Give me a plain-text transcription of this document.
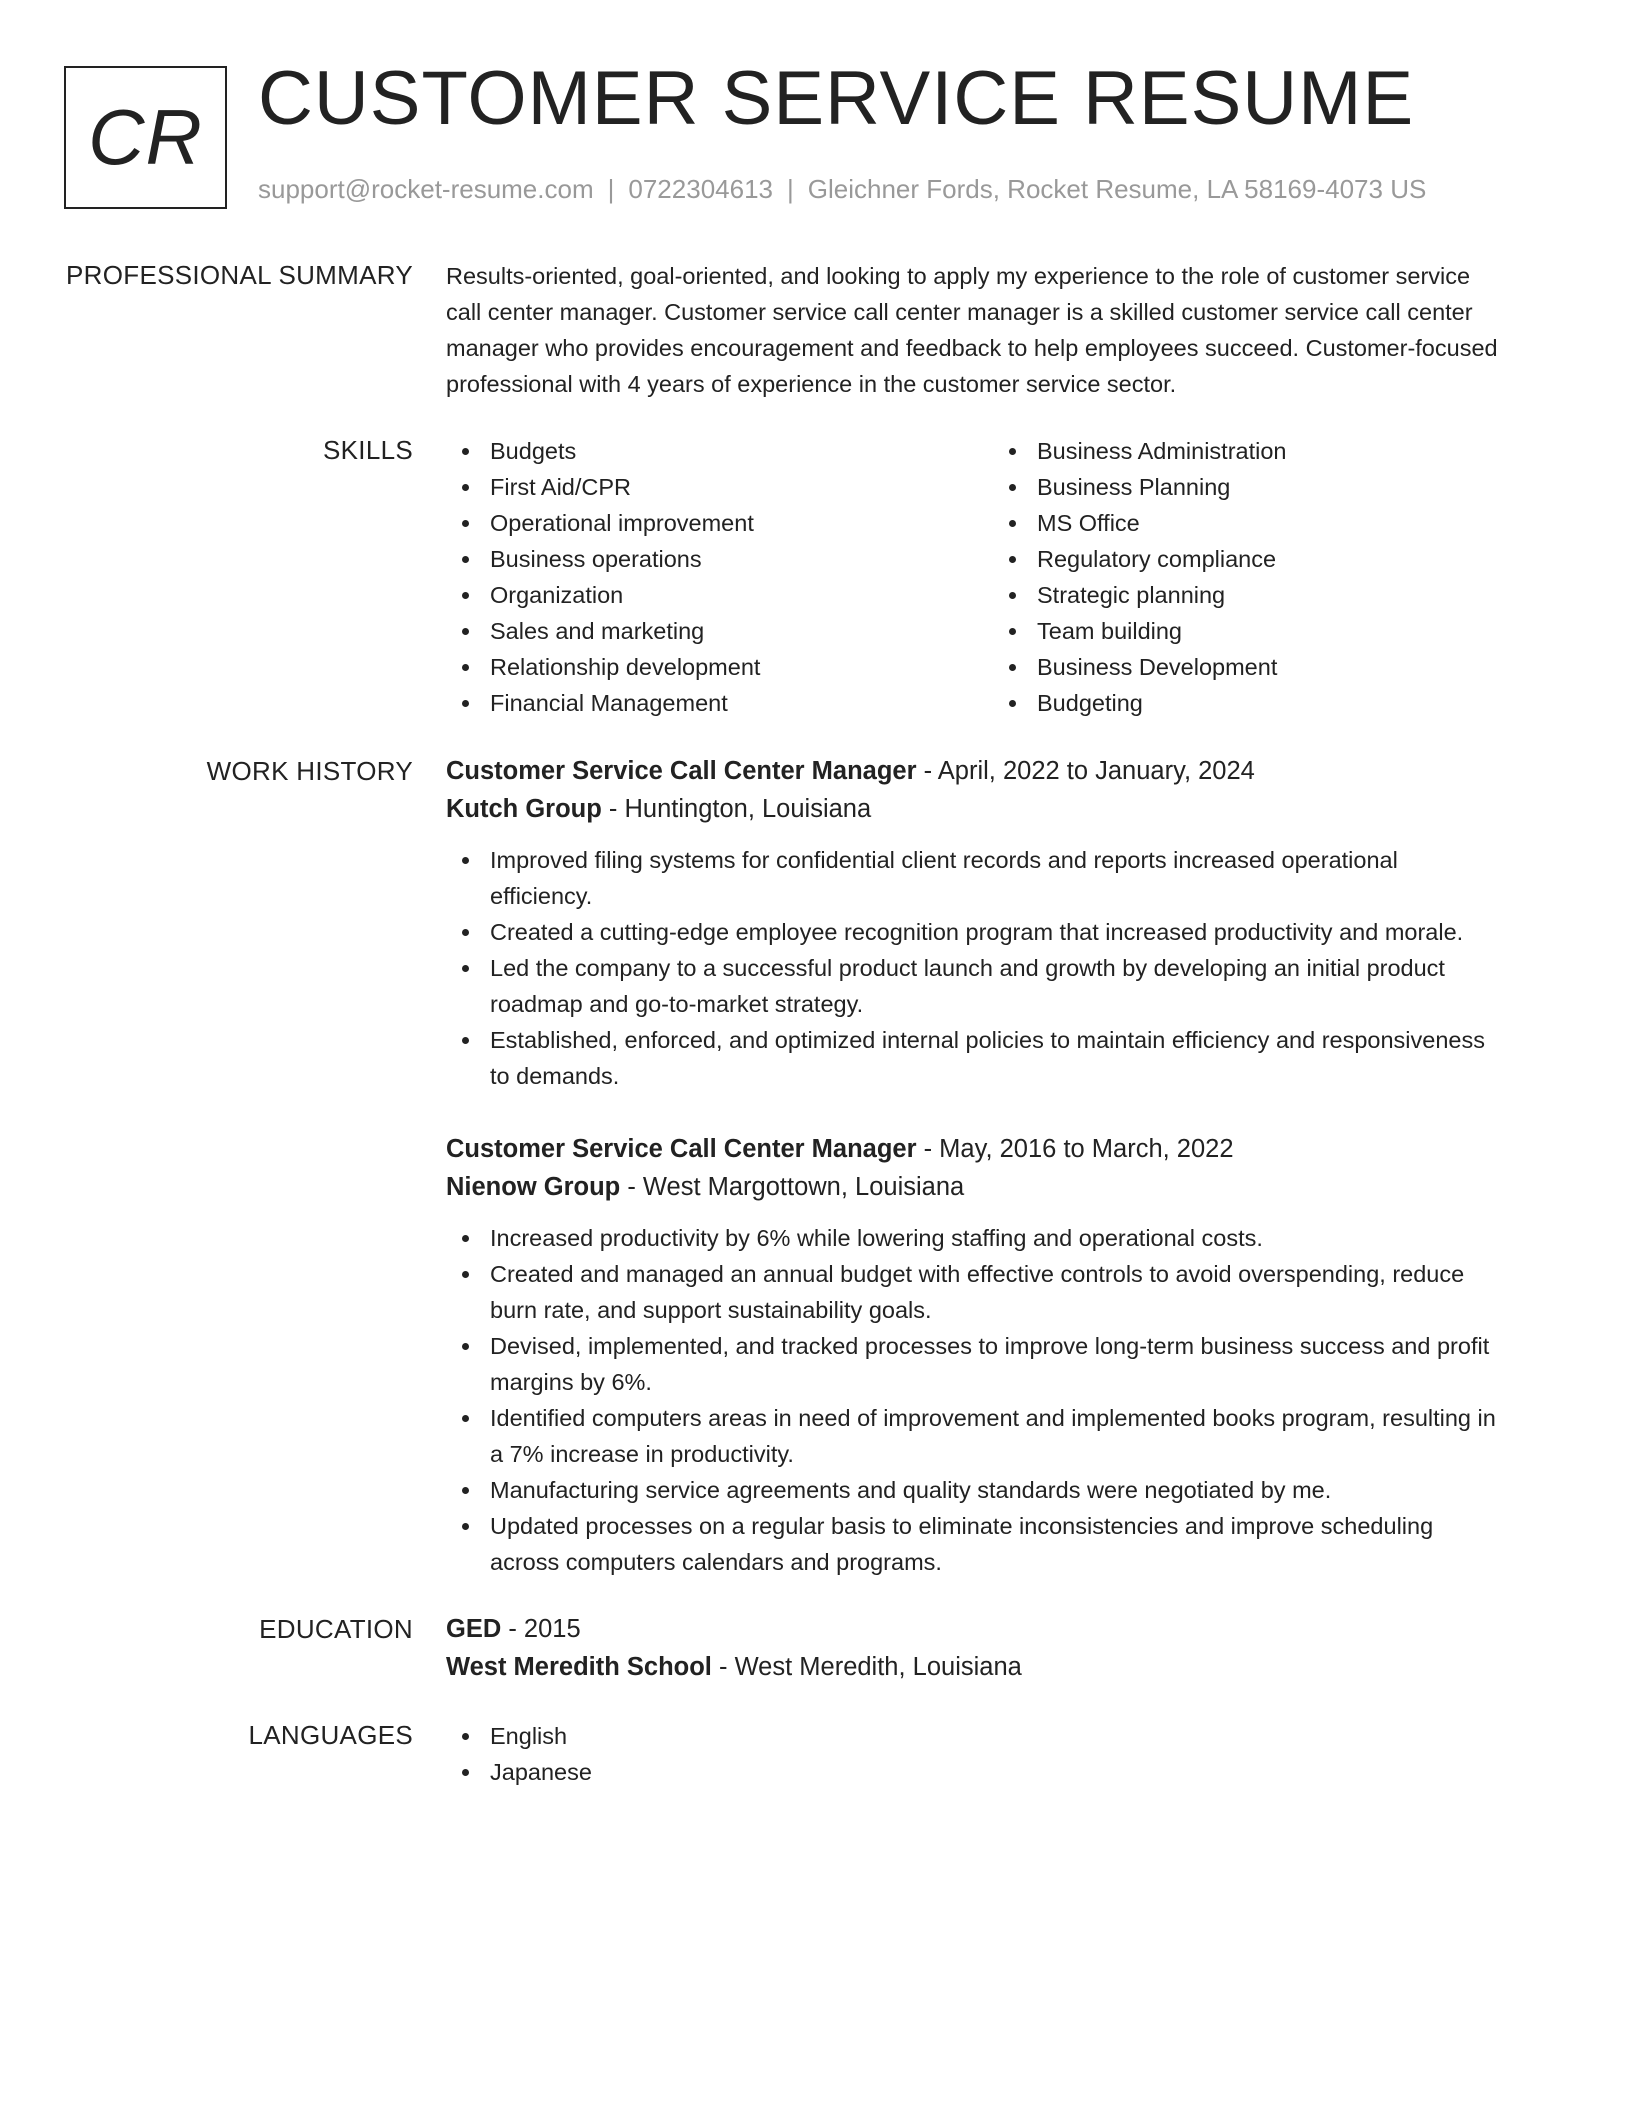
CR CUSTOMER SERVICE RESUME
support@rocket-resume.com | 0722304613 | Gleichner Fords, Rocket Resume, LA 58169-4073 US
PROFESSIONAL SUMMARY Results-oriented, goal-oriented, and looking to apply my experience to the role of customer service

call center manager. Customer service call center manager is a skilled customer service call center

manager who provides encouragement and feedback to help employees succeed. Customer-focused

professional with 4 years of experience in the customer service sector.

SKILLS	Budgets
First Aid/CPR
Operational improvement
Business operations
Organization
Sales and marketing
Relationship development
Financial Management
Business Administration
Business Planning
MS Office
Regulatory compliance
Strategic planning
Team building
Business Development
Budgeting
WORK HISTORY Customer Service Call Center Manager - April, 2022 to January, 2024
Kutch Group - Huntington, Louisiana
Improved filing systems for confidential client records and reports increased operational
efficiency.
Created a cutting-edge employee recognition program that increased productivity and morale.
Led the company to a successful product launch and growth by developing an initial product
roadmap and go-to-market strategy.
Established, enforced, and optimized internal policies to maintain efficiency and responsiveness
to demands.
Customer Service Call Center Manager - May, 2016 to March, 2022
Nienow Group - West Margottown, Louisiana
Increased productivity by 6% while lowering staffing and operational costs.
Created and managed an annual budget with effective controls to avoid overspending, reduce
burn rate, and support sustainability goals.
Devised, implemented, and tracked processes to improve long-term business success and profit
margins by 6%.
Identified computers areas in need of improvement and implemented books program, resulting in
a 7% increase in productivity.
Manufacturing service agreements and quality standards were negotiated by me.
Updated processes on a regular basis to eliminate inconsistencies and improve scheduling
across computers calendars and programs.
EDUCATION GED - 2015
West Meredith School - West Meredith, Louisiana
LANGUAGES	English
Japanese
